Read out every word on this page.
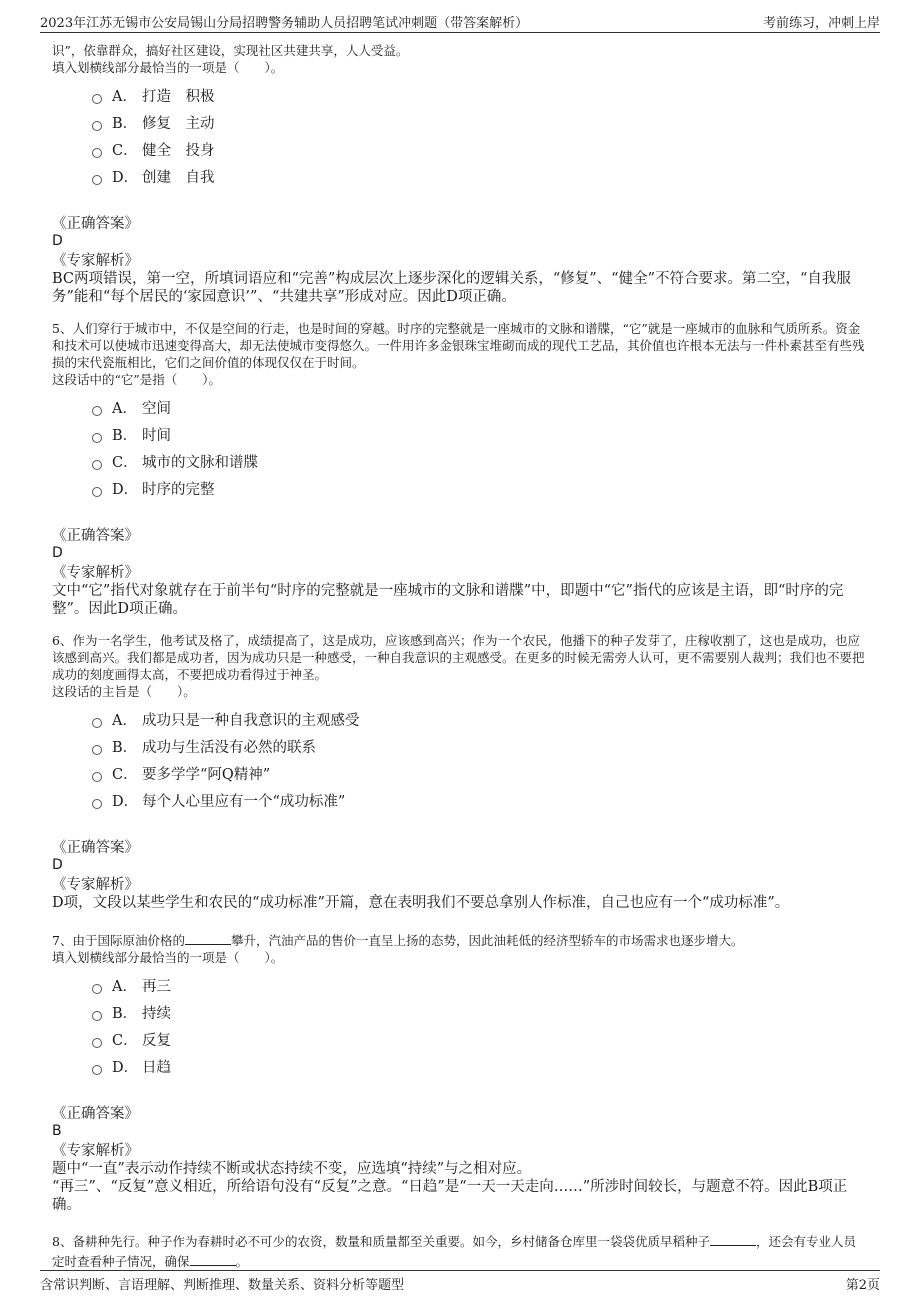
2023年江苏无锡市公安局锡山分局招聘警务辅助人员招聘笔试冲刺题（带答案解析）	考前练习，冲刺上岸

识”，依靠群众，搞好社区建设，实现社区共建共享，人人受益。

填入划横线部分最恰当的一项是（　　）。

A． 打造　积极
B． 修复　主动
C． 健全　投身
D． 创建　自我
《正确答案》
D
《专家解析》

BC两项错误，第一空，所填词语应和“完善”构成层次上逐步深化的逻辑关系，“修复”、“健全”不符合要求。第二空，“自我服务”能和“每个居民的‘家园意识’”、“共建共享”形成对应。因此D项正确。

5、人们穿行于城市中，不仅是空间的行走，也是时间的穿越。时序的完整就是一座城市的文脉和谱牒，“它”就是一座城市的血脉和气质所系。资金和技术可以使城市迅速变得高大，却无法使城市变得悠久。一件用许多金银珠宝堆砌而成的现代工艺品，其价值也许根本无法与一件朴素甚至有些残损的宋代瓷瓶相比，它们之间价值的体现仅仅在于时间。

这段话中的“它”是指（　　）。

A． 空间
B． 时间
C． 城市的文脉和谱牒
D． 时序的完整
《正确答案》
D
《专家解析》

文中“它”指代对象就存在于前半句“时序的完整就是一座城市的文脉和谱牒”中，即题中“它”指代的应该是主语，即“时序的完整”。因此D项正确。

6、作为一名学生，他考试及格了，成绩提高了，这是成功，应该感到高兴；作为一个农民，他播下的种子发芽了，庄稼收割了，这也是成功，也应该感到高兴。我们都是成功者，因为成功只是一种感受，一种自我意识的主观感受。在更多的时候无需旁人认可，更不需要别人裁判；我们也不要把成功的刻度画得太高，不要把成功看得过于神圣。

这段话的主旨是（　　）。

A． 成功只是一种自我意识的主观感受
B． 成功与生活没有必然的联系
C． 要多学学“阿Q精神”
D． 每个人心里应有一个“成功标准”
《正确答案》
D
《专家解析》

D项，文段以某些学生和农民的“成功标准”开篇，意在表明我们不要总拿别人作标准，自己也应有一个“成功标准”。

7、由于国际原油价格的	攀升，汽油产品的售价一直呈上扬的态势，因此油耗低的经济型轿车的市场需求也逐步增大。

填入划横线部分最恰当的一项是（　　）。

A． 再三
B． 持续
C． 反复
D． 日趋
《正确答案》
B
《专家解析》

题中“一直”表示动作持续不断或状态持续不变，应选填“持续”与之相对应。

“再三”、“反复”意义相近，所给语句没有“反复”之意。“日趋”是“一天一天走向……”所涉时间较长，与题意不符。因此B项正确。

8、备耕种先行。种子作为春耕时必不可少的农资，数量和质量都至关重要。如今，乡村储备仓库里一袋袋优质早稻种子	，还会有专业人员定时查看种子情况，确保	。

含常识判断、言语理解、判断推理、数量关系、资料分析等题型	第2页
